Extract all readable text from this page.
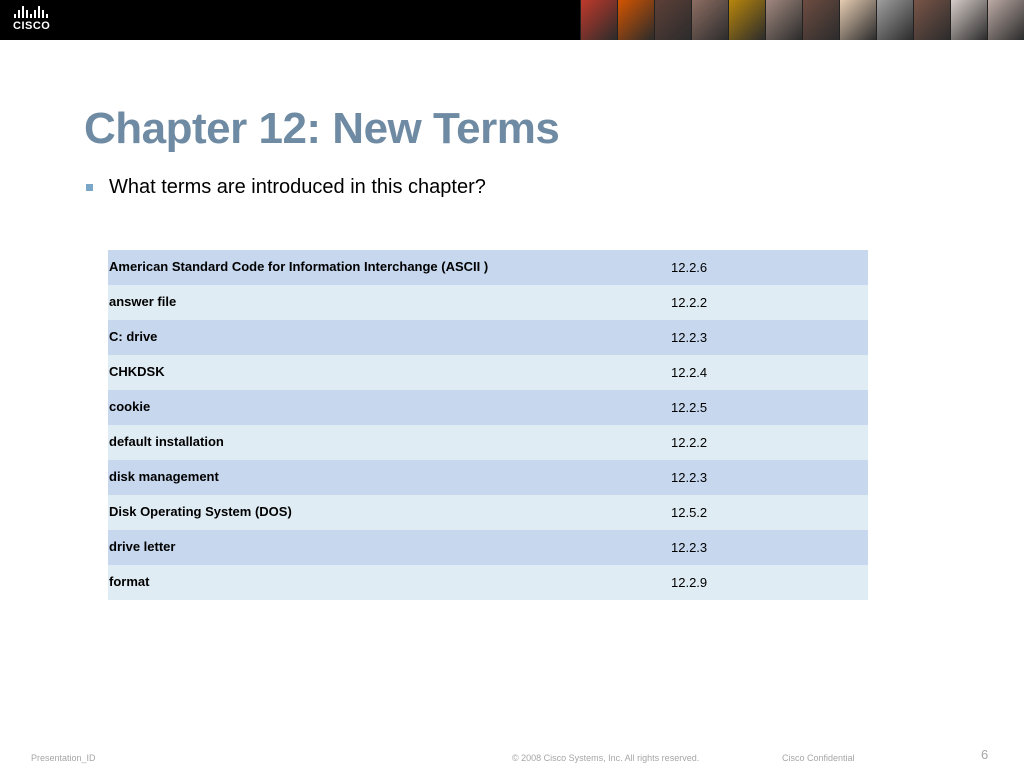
CISCO
Chapter 12: New Terms
What terms are introduced in this chapter?
American Standard Code for Information Interchange (ASCII )	12.2.6
answer file	12.2.2
C: drive	12.2.3
CHKDSK	12.2.4
cookie	12.2.5
default installation	12.2.2
disk management	12.2.3
Disk Operating System (DOS)	12.5.2
drive letter	12.2.3
format	12.2.9
Presentation_ID	© 2008 Cisco Systems, Inc. All rights reserved.	Cisco Confidential	6
